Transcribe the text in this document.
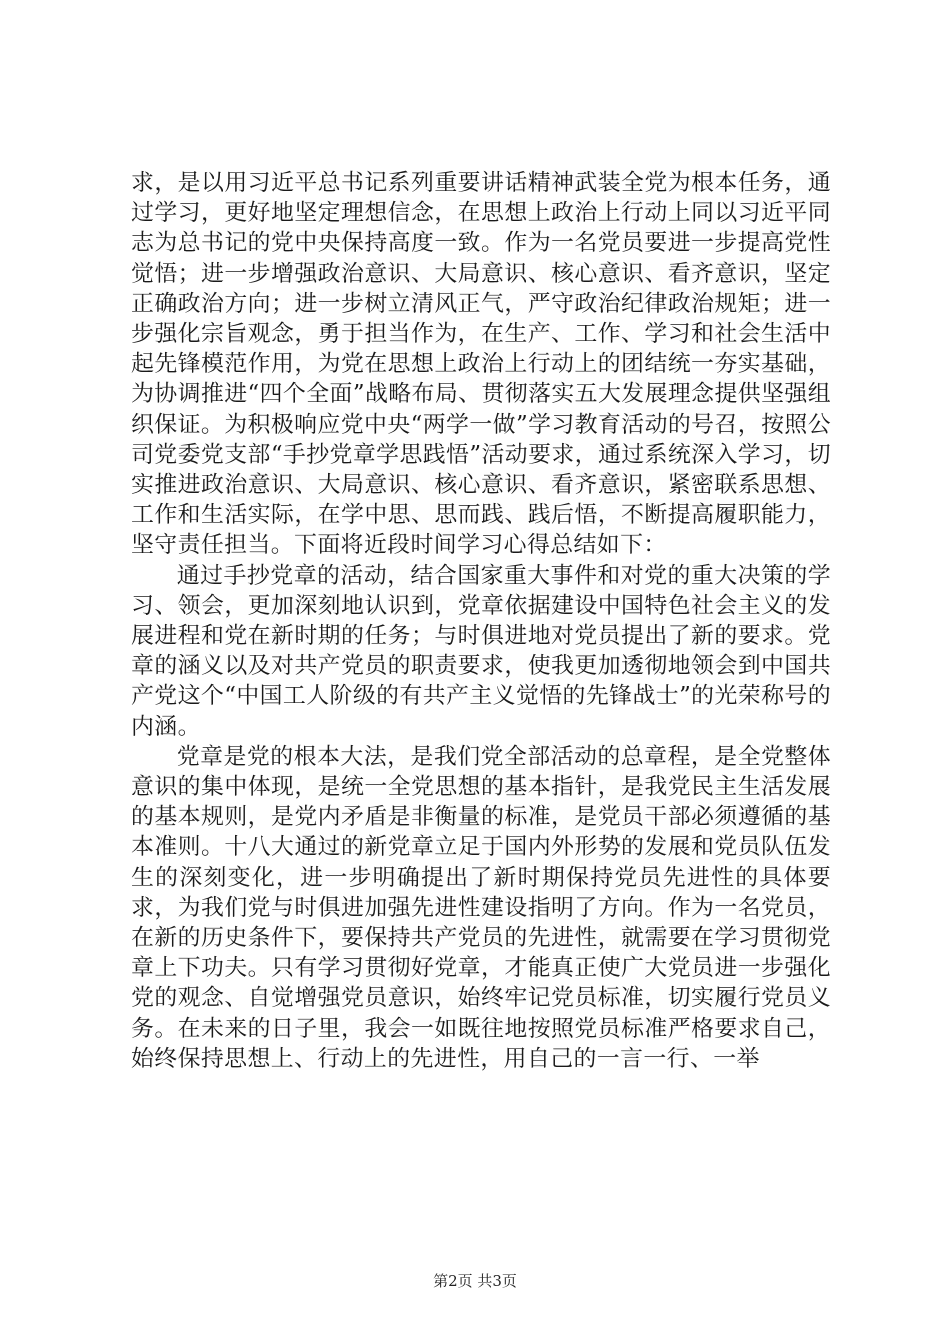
求，是以用习近平总书记系列重要讲话精神武装全党为根本任务，通过学习，更好地坚定理想信念，在思想上政治上行动上同以习近平同志为总书记的党中央保持高度一致。作为一名党员要进一步提高党性觉悟；进一步增强政治意识、大局意识、核心意识、看齐意识，坚定正确政治方向；进一步树立清风正气，严守政治纪律政治规矩；进一步强化宗旨观念，勇于担当作为，在生产、工作、学习和社会生活中起先锋模范作用，为党在思想上政治上行动上的团结统一夯实基础，为协调推进“四个全面”战略布局、贯彻落实五大发展理念提供坚强组织保证。为积极响应党中央“两学一做”学习教育活动的号召，按照公司党委党支部“手抄党章学思践悟”活动要求，通过系统深入学习，切实推进政治意识、大局意识、核心意识、看齐意识，紧密联系思想、工作和生活实际，在学中思、思而践、践后悟，不断提高履职能力，坚守责任担当。下面将近段时间学习心得总结如下：

通过手抄党章的活动，结合国家重大事件和对党的重大决策的学习、领会，更加深刻地认识到，党章依据建设中国特色社会主义的发展进程和党在新时期的任务；与时俱进地对党员提出了新的要求。党章的涵义以及对共产党员的职责要求，使我更加透彻地领会到中国共产党这个“中国工人阶级的有共产主义觉悟的先锋战士”的光荣称号的内涵。

党章是党的根本大法，是我们党全部活动的总章程，是全党整体意识的集中体现，是统一全党思想的基本指针，是我党民主生活发展的基本规则，是党内矛盾是非衡量的标准，是党员干部必须遵循的基本准则。十八大通过的新党章立足于国内外形势的发展和党员队伍发生的深刻变化，进一步明确提出了新时期保持党员先进性的具体要求，为我们党与时俱进加强先进性建设指明了方向。作为一名党员，在新的历史条件下，要保持共产党员的先进性，就需要在学习贯彻党章上下功夫。只有学习贯彻好党章，才能真正使广大党员进一步强化党的观念、自觉增强党员意识，始终牢记党员标准，切实履行党员义务。在未来的日子里，我会一如既往地按照党员标准严格要求自己，始终保持思想上、行动上的先进性，用自己的一言一行、一举

第2页 共3页
